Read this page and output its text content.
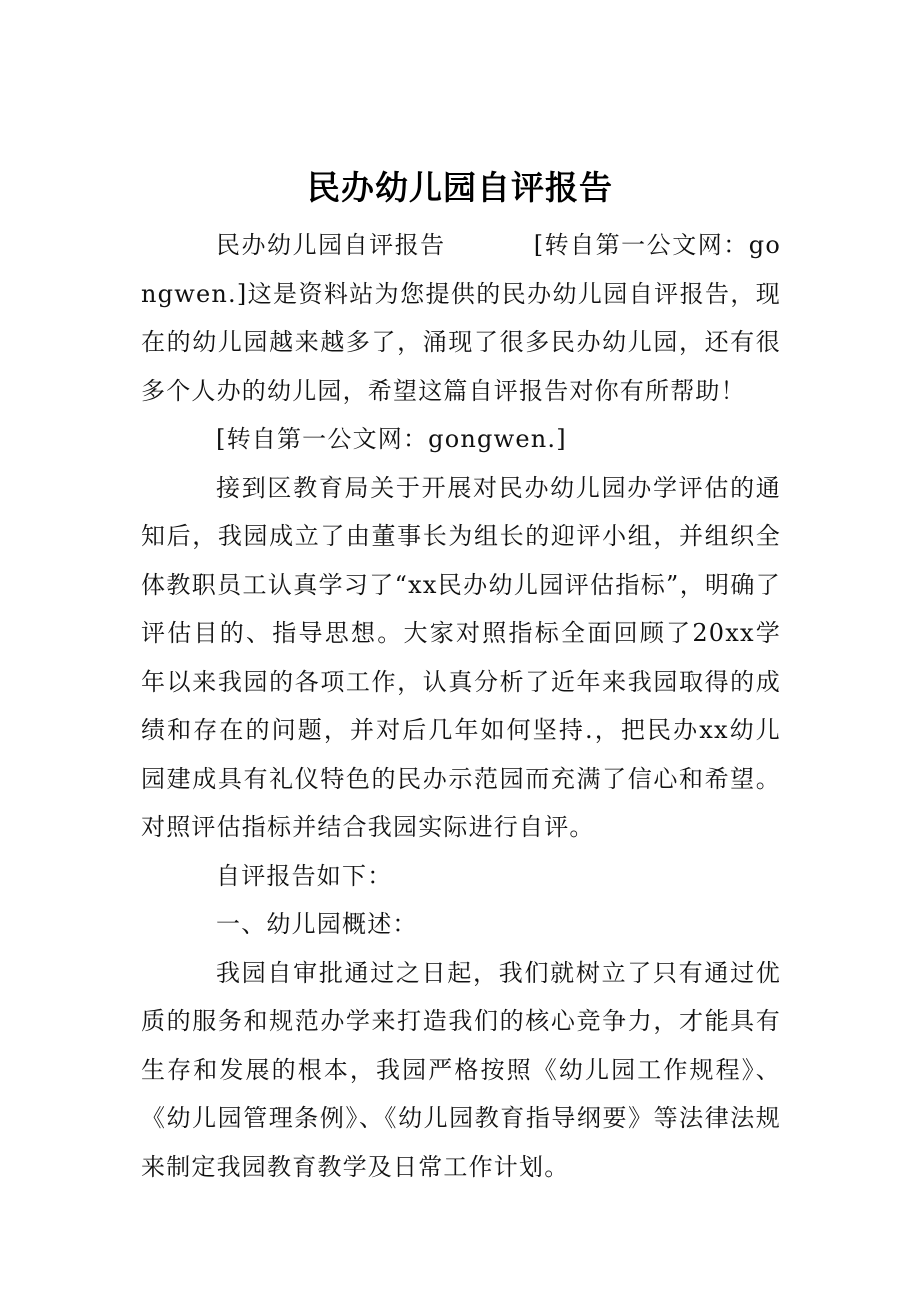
民办幼儿园自评报告

民办幼儿园自评报告	[转自第一公文网：gongwen.]这是资料站为您提供的民办幼儿园自评报告，现在的幼儿园越来越多了，涌现了很多民办幼儿园，还有很多个人办的幼儿园，希望这篇自评报告对你有所帮助！

[转自第一公文网：gongwen.]

接到区教育局关于开展对民办幼儿园办学评估的通知后，我园成立了由董事长为组长的迎评小组，并组织全体教职员工认真学习了“xx民办幼儿园评估指标”，明确了评估目的、指导思想。大家对照指标全面回顾了20xx学年以来我园的各项工作，认真分析了近年来我园取得的成绩和存在的问题，并对后几年如何坚持.，把民办xx幼儿园建成具有礼仪特色的民办示范园而充满了信心和希望。对照评估指标并结合我园实际进行自评。

自评报告如下：

一、幼儿园概述：

我园自审批通过之日起，我们就树立了只有通过优质的服务和规范办学来打造我们的核心竞争力，才能具有生存和发展的根本，我园严格按照《幼儿园工作规程》、《幼儿园管理条例》、《幼儿园教育指导纲要》等法律法规来制定我园教育教学及日常工作计划。
